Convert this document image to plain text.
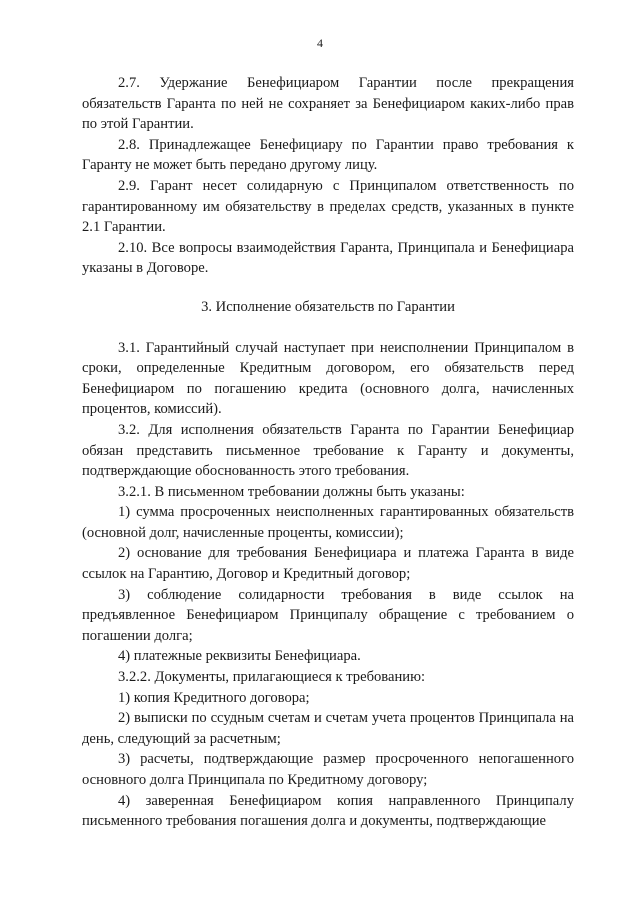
4

2.7. Удержание Бенефициаром Гарантии после прекращения обязательств Гаранта по ней не сохраняет за Бенефициаром каких-либо прав по этой Гарантии.

2.8. Принадлежащее Бенефициару по Гарантии право требования к Гаранту не может быть передано другому лицу.

2.9. Гарант несет солидарную с Принципалом ответственность по гарантированному им обязательству в пределах средств, указанных в пункте 2.1 Гарантии.

2.10. Все вопросы взаимодействия Гаранта, Принципала и Бенефициара указаны в Договоре.

3. Исполнение обязательств по Гарантии

3.1. Гарантийный случай наступает при неисполнении Принципалом в сроки, определенные Кредитным договором, его обязательств перед Бенефициаром по погашению кредита (основного долга, начисленных процентов, комиссий).

3.2. Для исполнения обязательств Гаранта по Гарантии Бенефициар обязан представить письменное требование к Гаранту и документы, подтверждающие обоснованность этого требования.

3.2.1. В письменном требовании должны быть указаны:

1) сумма просроченных неисполненных гарантированных обязательств (основной долг, начисленные проценты, комиссии);

2) основание для требования Бенефициара и платежа Гаранта в виде ссылок на Гарантию, Договор и Кредитный договор;

3) соблюдение солидарности требования в виде ссылок на предъявленное Бенефициаром Принципалу обращение с требованием о погашении долга;

4) платежные реквизиты Бенефициара.

3.2.2. Документы, прилагающиеся к требованию:

1) копия Кредитного договора;

2) выписки по ссудным счетам и счетам учета процентов Принципала на день, следующий за расчетным;

3) расчеты, подтверждающие размер просроченного непогашенного основного долга Принципала по Кредитному договору;

4) заверенная Бенефициаром копия направленного Принципалу письменного требования погашения долга и документы, подтверждающие
